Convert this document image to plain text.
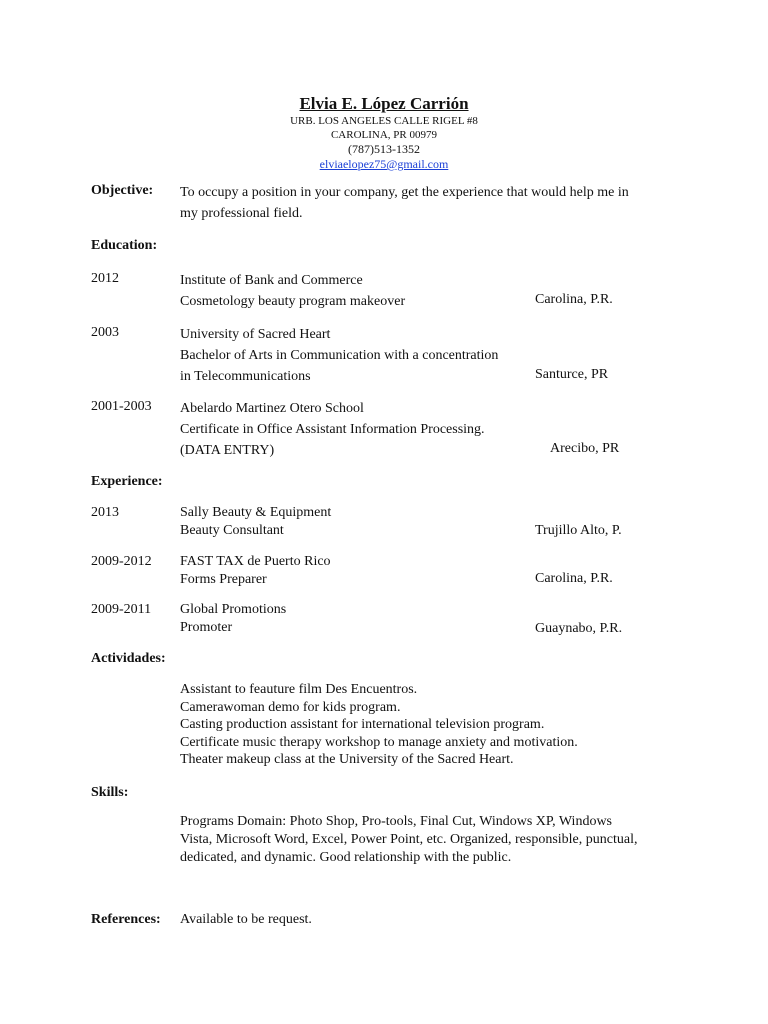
Elvia E. López Carrión
URB. LOS ANGELES CALLE RIGEL #8
CAROLINA, PR 00979
(787)513-1352
elviaelopez75@gmail.com
Objective: To occupy a position in your company, get the experience that would help me in
my professional field.
Education:
2012	Institute of Bank and Commerce
Cosmetology beauty program makeover	Carolina, P.R.
2003	University of Sacred Heart
Bachelor of Arts in Communication with a concentration
in Telecommunications	Santurce, PR
2001-2003 Abelardo Martinez Otero School
Certificate in Office Assistant Information Processing.
(DATA ENTRY)	Arecibo, PR
Experience:
2013	Sally Beauty & Equipment
Beauty Consultant	Trujillo Alto, P.
2009-2012 FAST TAX de Puerto Rico
Forms Preparer	Carolina, P.R.
2009-2011 Global Promotions
Promoter	Guaynabo, P.R.
Actividades:
Assistant to feauture film Des Encuentros.
Camerawoman demo for kids program.
Casting production assistant for international television program.
Certificate music therapy workshop to manage anxiety and motivation.
Theater makeup class at the University of the Sacred Heart.
Skills:
Programs Domain: Photo Shop, Pro-tools, Final Cut, Windows XP, Windows
Vista, Microsoft Word, Excel, Power Point, etc. Organized, responsible, punctual,
dedicated, and dynamic. Good relationship with the public.
References: Available to be request.
